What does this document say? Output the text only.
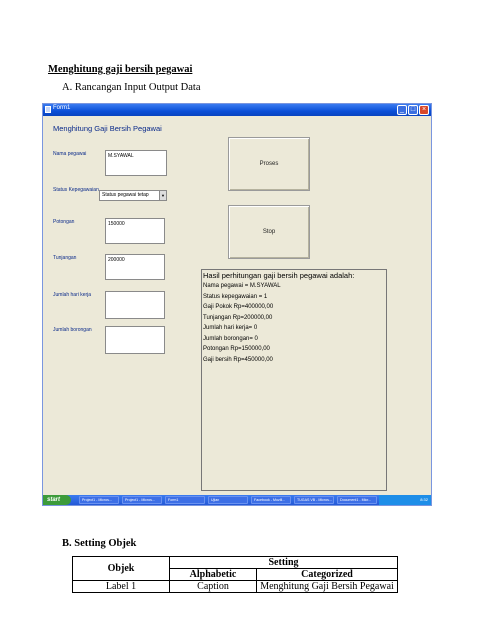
Menghitung gaji bersih pegawai
A. Rancangan Input Output Data
Form1	_ □ ×
Menghitung Gaji Bersih Pegawai
Nama pegawai	M.SYAWAL
Status Kepegawaian
Status pegawai tetap	▼
Potongan	150000
Tunjangan	200000
Jumlah hari kerja
Jumlah borongan
Proses
Stop
Hasil perhitungan gaji bersih pegawai adalah:
Nama pegawai = M.SYAWAL
Status kepegawaian = 1
Gaji Pokok Rp=400000,00
Tunjangan Rp=200000,00
Jumlah hari kerja= 0
Jumlah borongan= 0
Potongan Rp=150000,00
Gaji bersih Rp=450000,00
start	Project1 - Micros...	Project1 - Micros...	Form1	Ujian	Facebook - Mozill...	TUGAS VB - Micros...	Document1 - Micr...	8:32
B. Setting Objek
Objek	Setting	
	Alphabetic	Categorized
Label 1	Caption	Menghitung Gaji Bersih Pegawai
